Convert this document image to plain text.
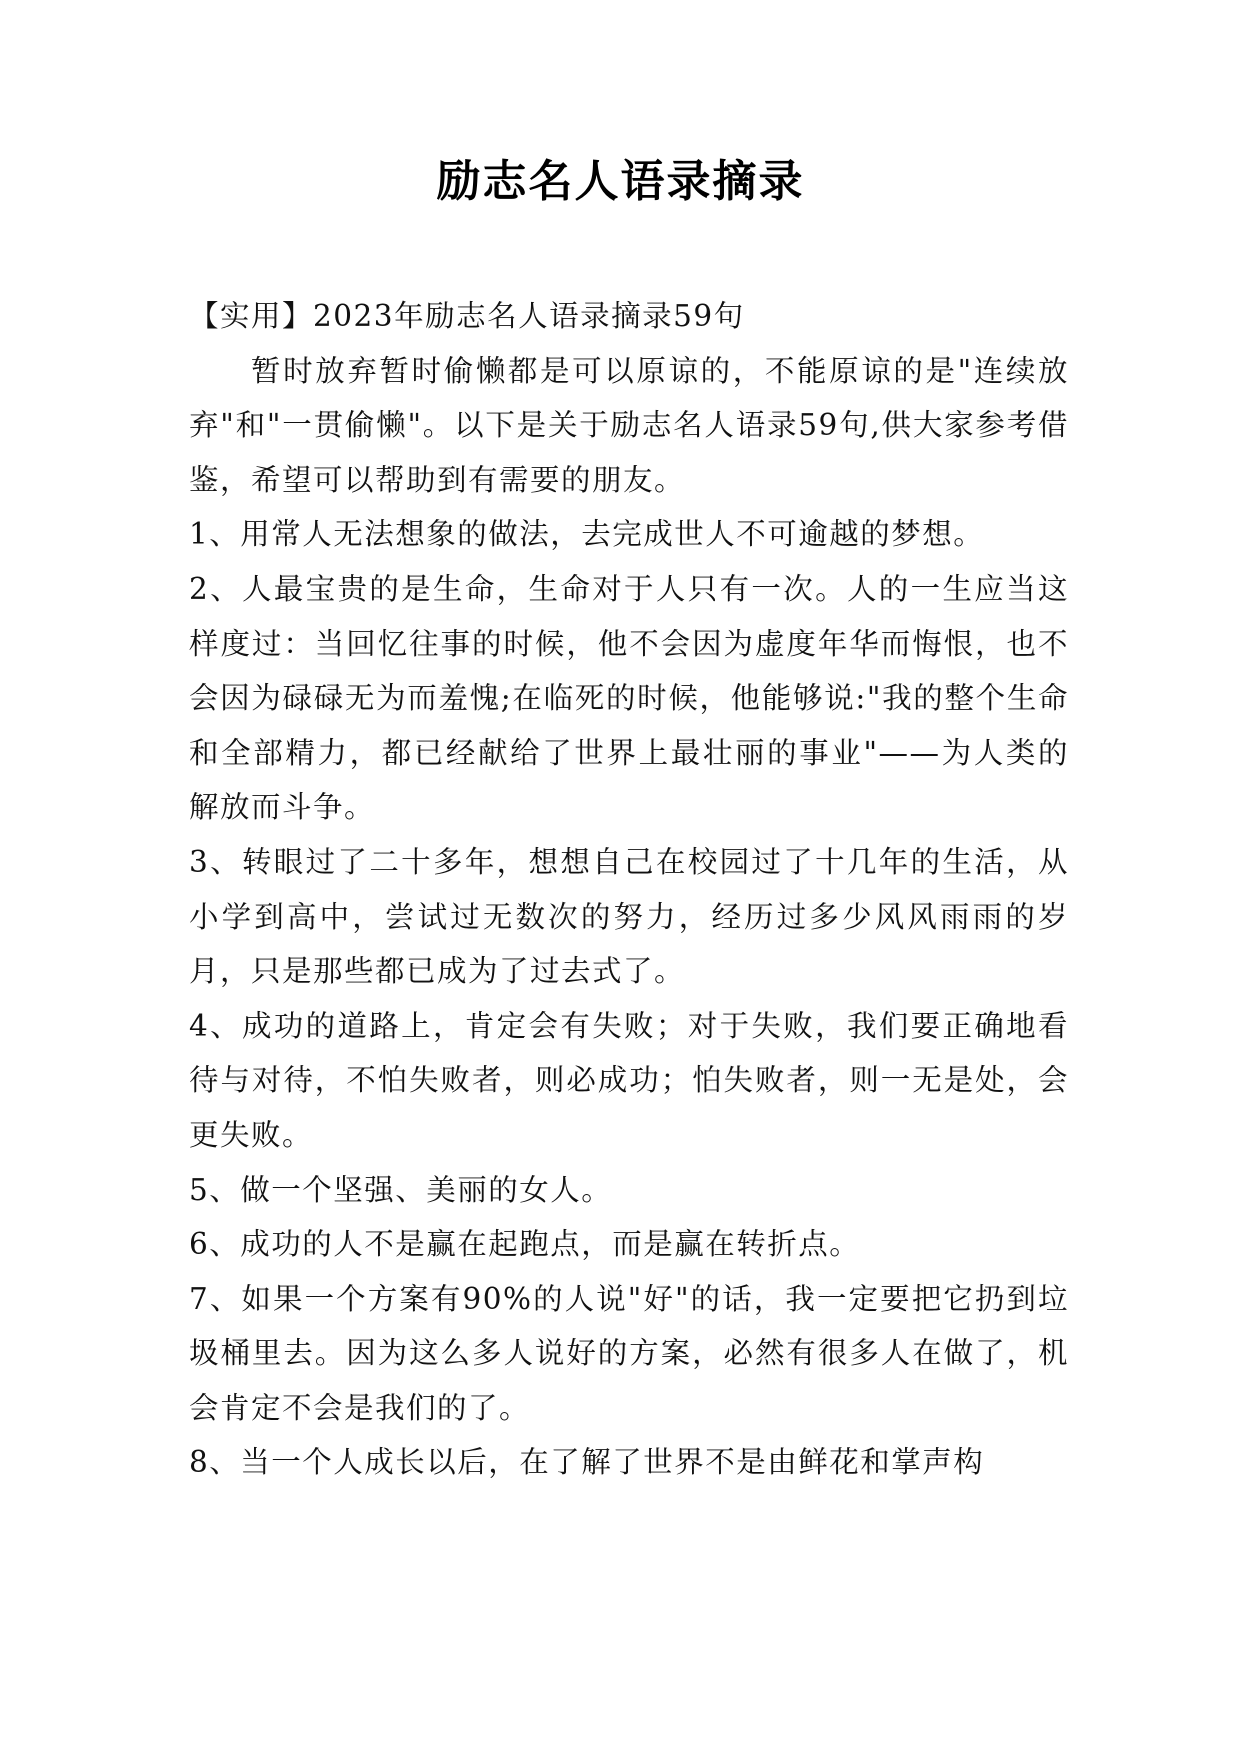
励志名人语录摘录

【实用】2023年励志名人语录摘录59句

暂时放弃暂时偷懒都是可以原谅的，不能原谅的是"连续放弃"和"一贯偷懒"。以下是关于励志名人语录59句,供大家参考借鉴，希望可以帮助到有需要的朋友。

1、用常人无法想象的做法，去完成世人不可逾越的梦想。

2、人最宝贵的是生命，生命对于人只有一次。人的一生应当这样度过：当回忆往事的时候，他不会因为虚度年华而悔恨，也不会因为碌碌无为而羞愧;在临死的时候，他能够说:"我的整个生命和全部精力，都已经献给了世界上最壮丽的事业"——为人类的解放而斗争。

3、转眼过了二十多年，想想自己在校园过了十几年的生活，从小学到高中，尝试过无数次的努力，经历过多少风风雨雨的岁月，只是那些都已成为了过去式了。

4、成功的道路上，肯定会有失败；对于失败，我们要正确地看待与对待，不怕失败者，则必成功；怕失败者，则一无是处，会更失败。

5、做一个坚强、美丽的女人。

6、成功的人不是赢在起跑点，而是赢在转折点。

7、如果一个方案有90%的人说"好"的话，我一定要把它扔到垃圾桶里去。因为这么多人说好的方案，必然有很多人在做了，机会肯定不会是我们的了。

8、当一个人成长以后，在了解了世界不是由鲜花和掌声构
